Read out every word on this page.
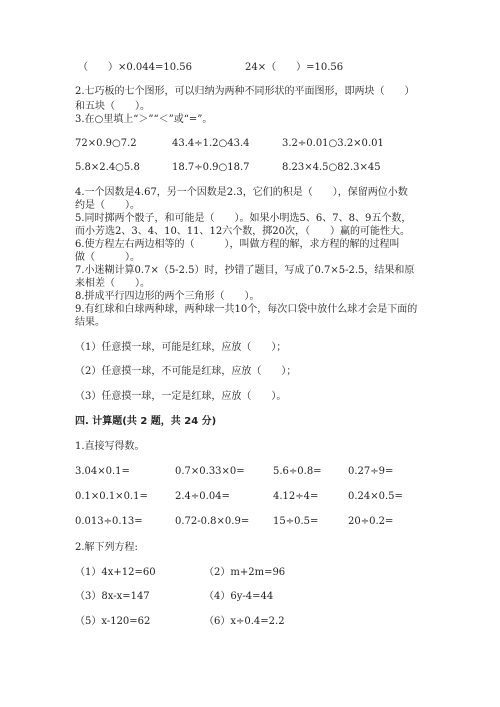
（　　）×0.044=10.56	24×（　　）=10.56
2.七巧板的七个图形，可以归纳为两种不同形状的平面图形，即两块（　　）
和五块（　　）。
3.在○里填上“＞”“＜”或“=”。
72×0.9○7.2	43.4÷1.2○43.4	3.2÷0.01○3.2×0.01
5.8×2.4○5.8	18.7÷0.9○18.7	8.23×4.5○82.3×45
4.一个因数是4.67，另一个因数是2.3，它们的积是（　　），保留两位小数
约是（　　）。
5.同时掷两个骰子，和可能是（　　）。如果小明选5、6、7、8、9五个数，
而小芳选2、3、4、10、11、12六个数，掷20次，（　　）赢的可能性大。
6.使方程左右两边相等的（　　　），叫做方程的解，求方程的解的过程叫
做（　　　）。
7.小迷糊计算0.7×（5-2.5）时，抄错了题目，写成了0.7×5-2.5，结果和原
来相差（　　）。
8.拼成平行四边形的两个三角形（　　）。
9.有红球和白球两种球，两种球一共10个，每次口袋中放什么球才会是下面的
结果。
（1）任意摸一球，可能是红球，应放（　　）；
（2）任意摸一球，不可能是红球，应放（　　）；
（3）任意摸一球，一定是红球，应放（　　）。
四. 计算题(共 2 题，共 24 分)
1.直接写得数。
3.04×0.1=	0.7×0.33×0=	5.6÷0.8=	0.27÷9=
0.1×0.1×0.1=	2.4÷0.04=	4.12÷4=	0.24×0.5=
0.013÷0.13=	0.72-0.8×0.9= 15÷0.5=	20÷0.2=
2.解下列方程:
（1）4x+12=60	（2）m+2m=96
（3）8x-x=147	（4）6y-4=44
（5）x-120=62	（6）x÷0.4=2.2
